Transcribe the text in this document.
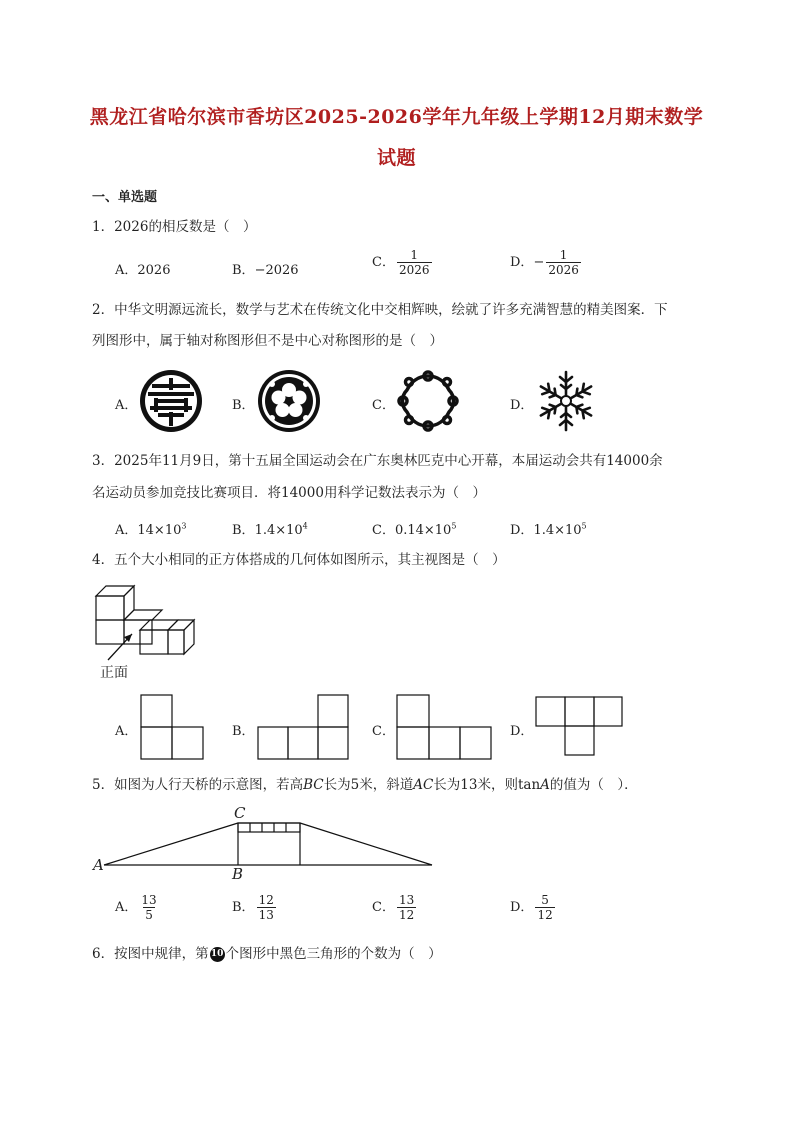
黑龙江省哈尔滨市香坊区2025-2026学年九年级上学期12月期末数学
试题
一、单选题
1．2026的相反数是（　）
A．2026	B．−2026
C． $\frac{1}{2026}$	D．− $\frac{1}{2026}$
2．中华文明源远流长，数学与艺术在传统文化中交相辉映，绘就了许多充满智慧的精美图案．下
列图形中，属于轴对称图形但不是中心对称图形的是（　）
A．	B．	C．	D．
3．2025年11月9日，第十五届全国运动会在广东奥林匹克中心开幕，本届运动会共有14000余
名运动员参加竞技比赛项目．将14000用科学记数法表示为（　）
A．$14\times 10^3$	B．$1.4\times 10^4$	C．$0.14\times 10^5$	D．$1.4\times 10^5$
4．五个大小相同的正方体搭成的几何体如图所示，其主视图是（　）
正面
A．	B．	C．	D．
5．如图为人行天桥的示意图，若高BC长为5米，斜道AC长为13米，则tanA的值为（　）．
A	B
C
A． $\frac{13}{5}$	B． $\frac{12}{13}$	C． $\frac{13}{12}$	D． $\frac{5}{12}$
6．按图中规律，第 10 个图形中黑色三角形的个数为（　）
